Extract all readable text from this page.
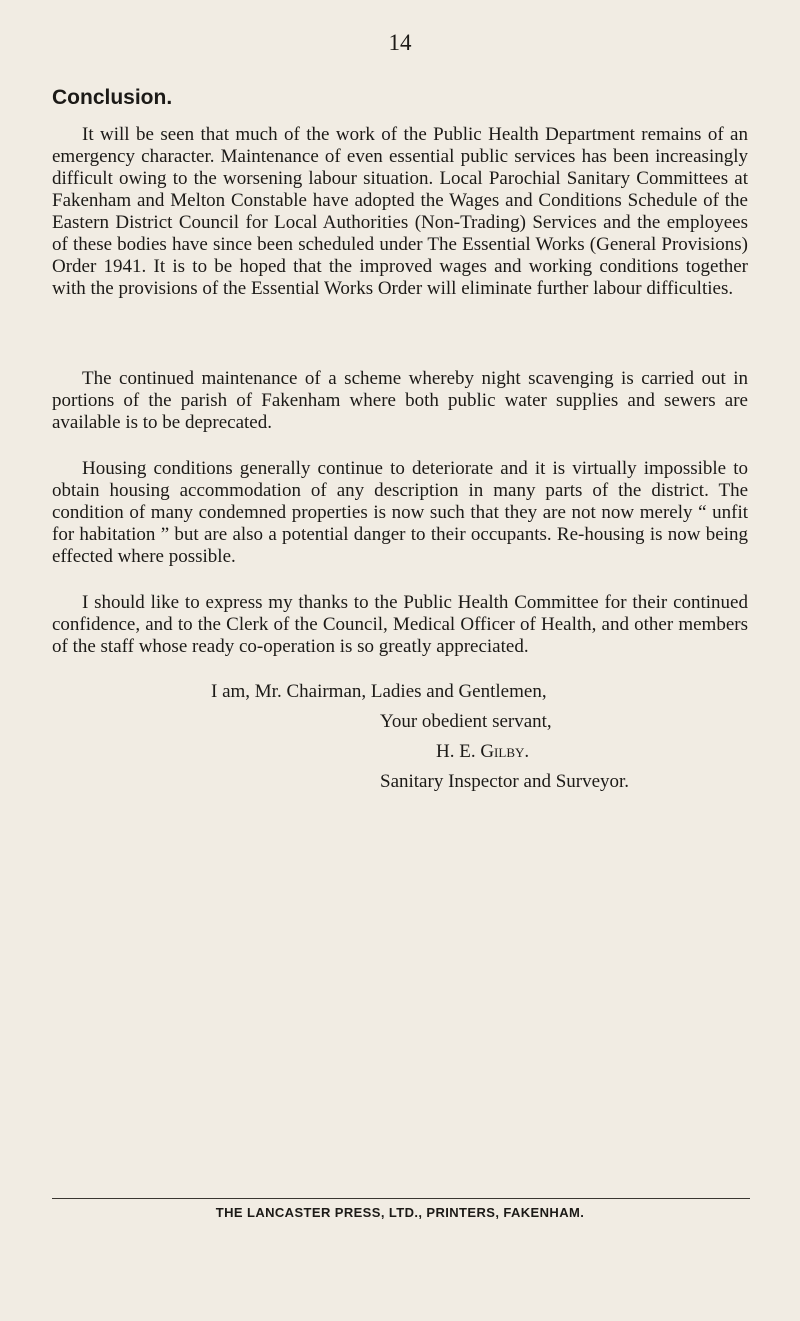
14
Conclusion.

It will be seen that much of the work of the Public Health Department remains of an emergency character. Maintenance of even essential public services has been increasingly difficult owing to the worsening labour situation. Local Parochial Sanitary Committees at Fakenham and Melton Constable have adopted the Wages and Conditions Schedule of the Eastern District Council for Local Authorities (Non-Trading) Services and the employees of these bodies have since been scheduled under The Essential Works (General Provisions) Order 1941. It is to be hoped that the improved wages and working conditions together with the provisions of the Essential Works Order will eliminate further labour difficulties.

The continued maintenance of a scheme whereby night scavenging is carried out in portions of the parish of Fakenham where both public water supplies and sewers are available is to be deprecated.

Housing conditions generally continue to deteriorate and it is virtually impossible to obtain housing accommodation of any description in many parts of the district. The condition of many condemned properties is now such that they are not now merely “ unfit for habitation ” but are also a potential danger to their occupants. Re-housing is now being effected where possible.

I should like to express my thanks to the Public Health Committee for their continued confidence, and to the Clerk of the Council, Medical Officer of Health, and other members of the staff whose ready co-operation is so greatly appreciated.

I am, Mr. Chairman, Ladies and Gentlemen,
Your obedient servant,
H. E. Gilby.
Sanitary Inspector and Surveyor.
THE LANCASTER PRESS, LTD., PRINTERS, FAKENHAM.
